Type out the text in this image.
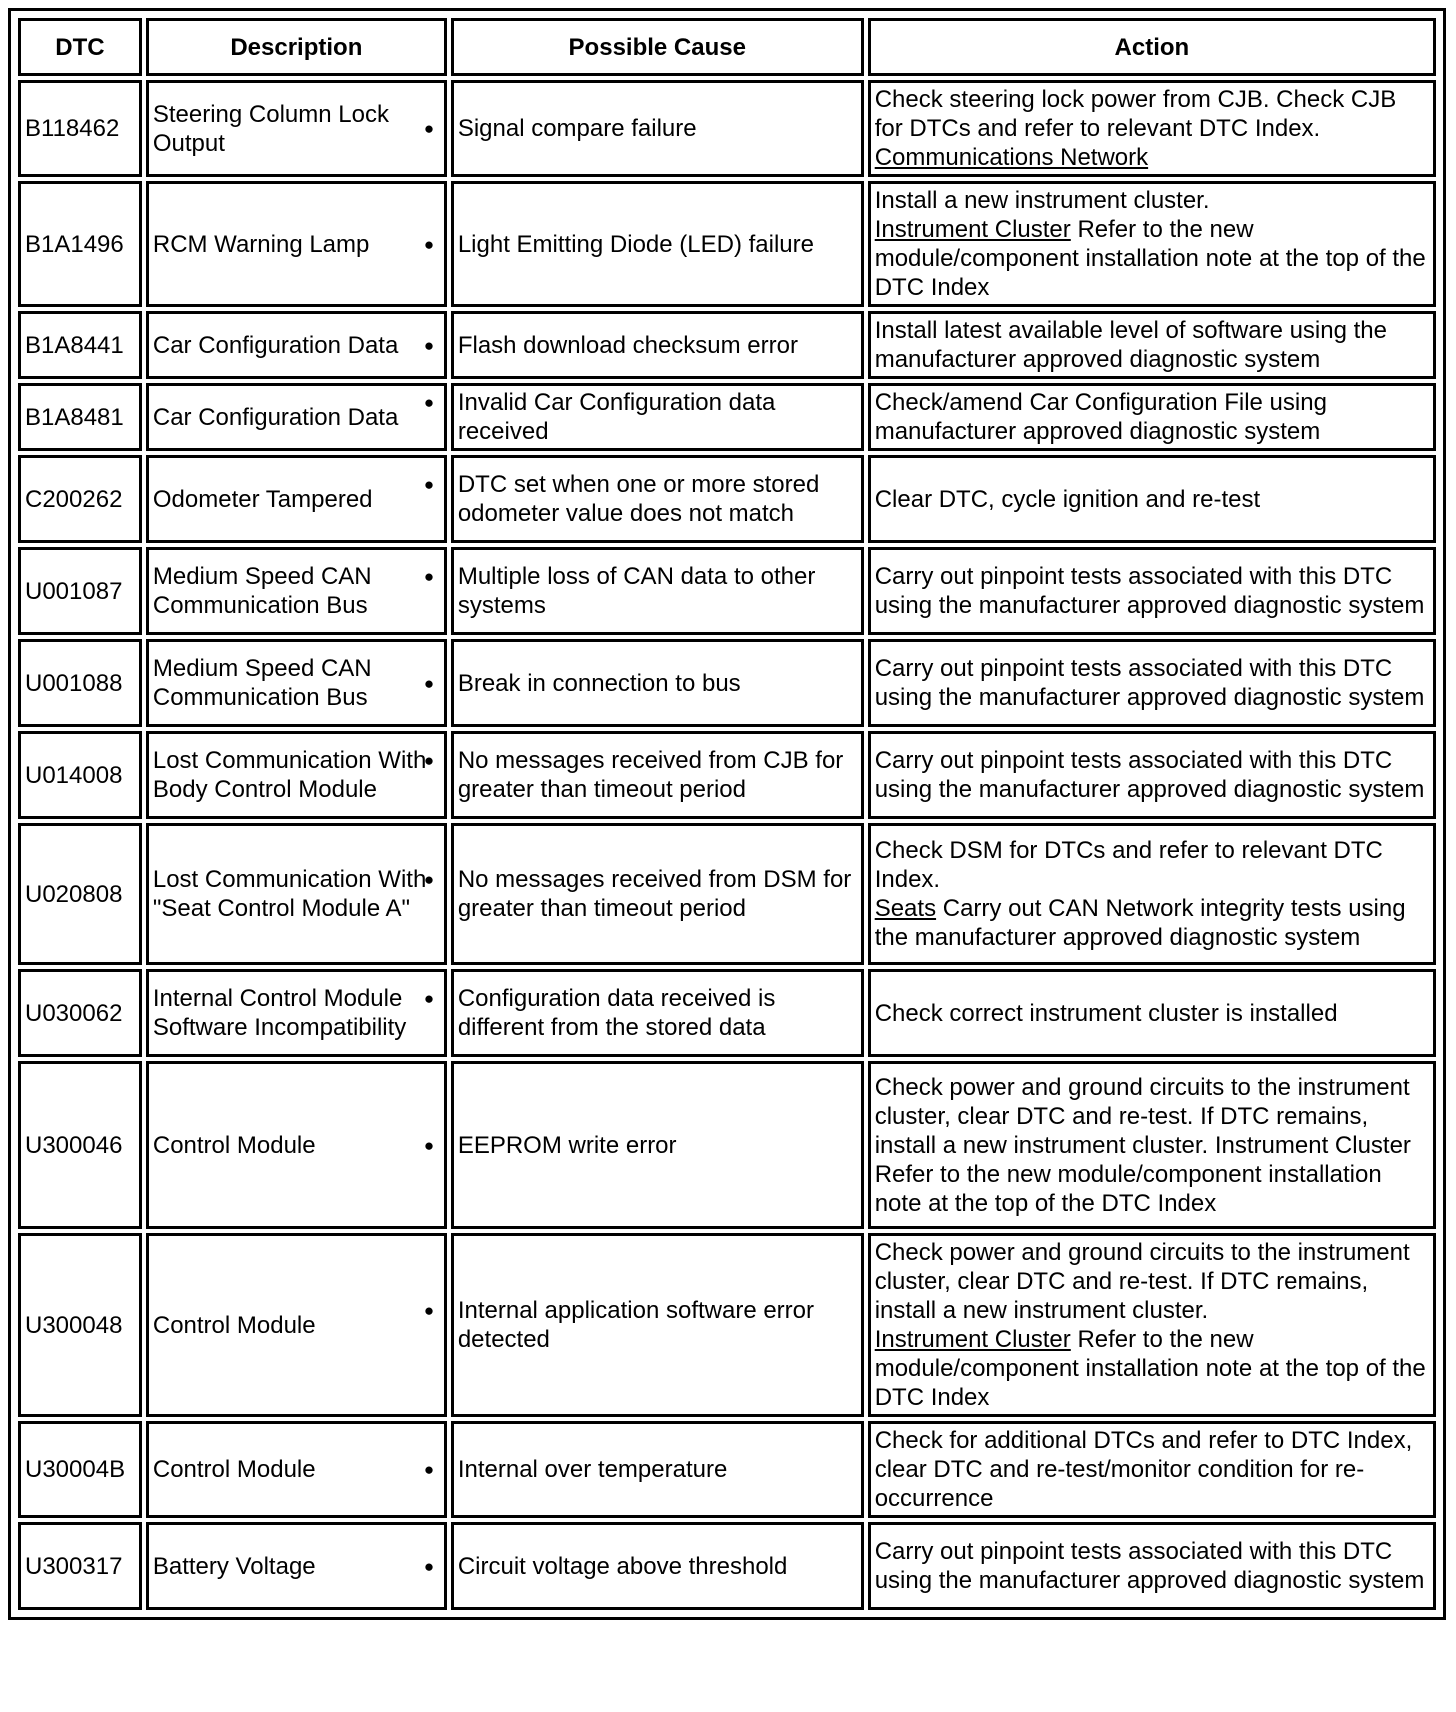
DTC	Description	Possible Cause	Action
B118462	Steering Column Lock Output	● Signal compare failure	Check steering lock power from CJB. Check CJB for DTCs and refer to relevant DTC Index.
Communications Network
B1A1496	RCM Warning Lamp	● Light Emitting Diode (LED) failure	Install a new instrument cluster.
Instrument Cluster Refer to the new module/component installation note at the top of the DTC Index
B1A8441	Car Configuration Data	● Flash download checksum error	Install latest available level of software using the manufacturer approved diagnostic system
B1A8481	Car Configuration Data	● Invalid Car Configuration data received	Check/amend Car Configuration File using manufacturer approved diagnostic system
C200262	Odometer Tampered	● DTC set when one or more stored odometer value does not match	Clear DTC, cycle ignition and re-test
U001087	Medium Speed CAN Communication Bus	● Multiple loss of CAN data to other systems	Carry out pinpoint tests associated with this DTC using the manufacturer approved diagnostic system
U001088	Medium Speed CAN Communication Bus	● Break in connection to bus	Carry out pinpoint tests associated with this DTC using the manufacturer approved diagnostic system
U014008	Lost Communication With Body Control Module	● No messages received from CJB for greater than timeout period	Carry out pinpoint tests associated with this DTC using the manufacturer approved diagnostic system
U020808	Lost Communication With "Seat Control Module A"	● No messages received from DSM for greater than timeout period	Check DSM for DTCs and refer to relevant DTC Index.
Seats Carry out CAN Network integrity tests using the manufacturer approved diagnostic system
U030062	Internal Control Module Software Incompatibility	● Configuration data received is different from the stored data	Check correct instrument cluster is installed
U300046	Control Module	● EEPROM write error	Check power and ground circuits to the instrument cluster, clear DTC and re-test. If DTC remains, install a new instrument cluster. Instrument Cluster Refer to the new module/component installation note at the top of the DTC Index
U300048	Control Module	● Internal application software error detected	Check power and ground circuits to the instrument cluster, clear DTC and re-test. If DTC remains, install a new instrument cluster.
Instrument Cluster Refer to the new module/component installation note at the top of the DTC Index
U30004B	Control Module	● Internal over temperature	Check for additional DTCs and refer to DTC Index, clear DTC and re-test/monitor condition for re-occurrence
U300317	Battery Voltage	● Circuit voltage above threshold	Carry out pinpoint tests associated with this DTC using the manufacturer approved diagnostic system
